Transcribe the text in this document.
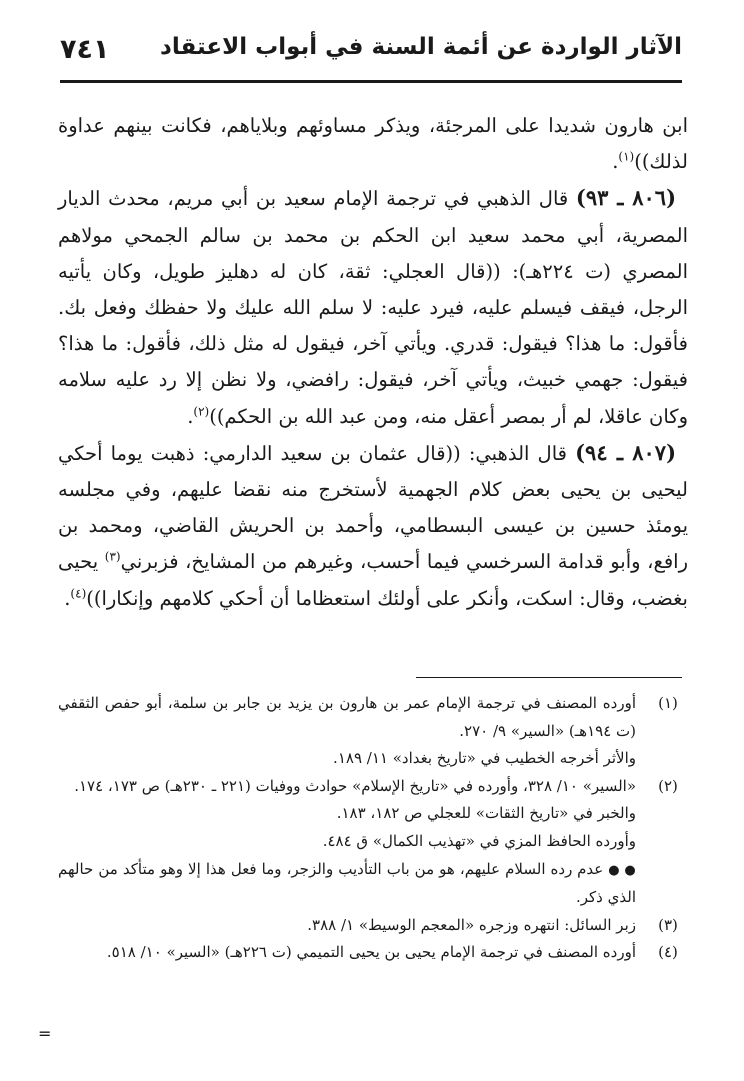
٧٤١ الآثار الواردة عن أئمة السنة في أبواب الاعتقاد

ابن هارون شديدا على المرجئة، ويذكر مساوئهم وبلاياهم، فكانت بينهم عداوة لذلك))$^{(١)}$.

(٨٠٦ ـ ٩٣) قال الذهبي في ترجمة الإمام سعيد بن أبي مريم، محدث الديار المصرية، أبي محمد سعيد ابن الحكم بن محمد بن سالم الجمحي مولاهم المصري (ت ٢٢٤هـ): ((قال العجلي: ثقة، كان له دهليز طويل، وكان يأتيه الرجل، فيقف فيسلم عليه، فيرد عليه: لا سلم الله عليك ولا حفظك وفعل بك. فأقول: ما هذا؟ فيقول: قدري. ويأتي آخر، فيقول له مثل ذلك، فأقول: ما هذا؟ فيقول: جهمي خبيث، ويأتي آخر، فيقول: رافضي، ولا نظن إلا رد عليه سلامه وكان عاقلا، لم أر بمصر أعقل منه، ومن عبد الله بن الحكم))$^{(٢)}$.

(٨٠٧ ـ ٩٤) قال الذهبي: ((قال عثمان بن سعيد الدارمي: ذهبت يوما أحكي ليحيى بن يحيى بعض كلام الجهمية لأستخرج منه نقضا عليهم، وفي مجلسه يومئذ حسين بن عيسى البسطامي، وأحمد بن الحريش القاضي، ومحمد بن رافع، وأبو قدامة السرخسي فيما أحسب، وغيرهم من المشايخ، فزبرني$^{(٣)}$ يحيى بغضب، وقال: اسكت، وأنكر على أولئك استعظاما أن أحكي كلامهم وإنكارا))$^{(٤)}$.

(١)
أورده المصنف في ترجمة الإمام عمر بن هارون بن يزيد بن جابر بن سلمة، أبو حفص الثقفي (ت ١٩٤هـ) «السير» ٩/ ٢٧٠.
والأثر أخرجه الخطيب في «تاريخ بغداد» ١١/ ١٨٩.
(٢)
«السير» ١٠/ ٣٢٨، وأورده في «تاريخ الإسلام» حوادث ووفيات (٢٢١ ـ ٢٣٠هـ) ص ١٧٣، ١٧٤.
والخبر في «تاريخ الثقات» للعجلي ص ١٨٢، ١٨٣.
وأورده الحافظ المزي في «تهذيب الكمال» ق ٤٨٤.
● ● عدم رده السلام عليهم، هو من باب التأديب والزجر، وما فعل هذا إلا وهو متأكد من حالهم الذي ذكر.
(٣)
زبر السائل: انتهره وزجره «المعجم الوسيط» ١/ ٣٨٨.
(٤)
أورده المصنف في ترجمة الإمام يحيى بن يحيى التميمي (ت ٢٢٦هـ) «السير» ١٠/ ٥١٨.
=
